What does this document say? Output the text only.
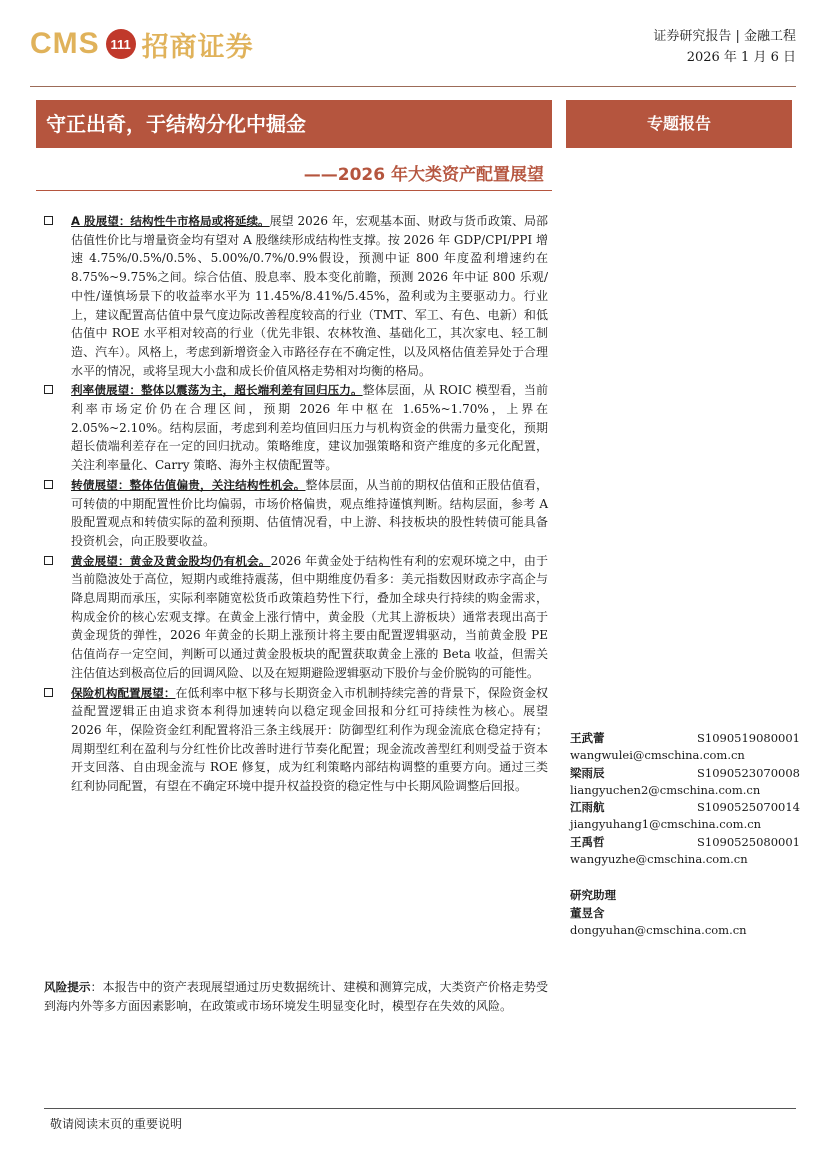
CMS 111 招商证券	证券研究报告 | 金融工程
2026 年 1 月 6 日
守正出奇，于结构分化中掘金
——2026 年大类资产配置展望
专题报告
A 股展望：结构性牛市格局或将延续。展望 2026 年，宏观基本面、财政与货币政策、局部估值性价比与增量资金均有望对 A 股继续形成结构性支撑。按 2026 年 GDP/CPI/PPI 增速 4.75%/0.5%/0.5%、5.00%/0.7%/0.9%假设，预测中证 800 年度盈利增速约在 8.75%~9.75%之间。综合估值、股息率、股本变化前瞻，预测 2026 年中证 800 乐观/中性/谨慎场景下的收益率水平为 11.45%/8.41%/5.45%，盈利或为主要驱动力。行业上，建议配置高估值中景气度边际改善程度较高的行业（TMT、军工、有色、电新）和低估值中 ROE 水平相对较高的行业（优先非银、农林牧渔、基础化工，其次家电、轻工制造、汽车）。风格上，考虑到新增资金入市路径存在不确定性，以及风格估值差异处于合理水平的情况，或将呈现大小盘和成长价值风格走势相对均衡的格局。
利率债展望：整体以震荡为主，超长端利差有回归压力。整体层面，从 ROIC 模型看，当前利率市场定价仍在合理区间，预期 2026 年中枢在 1.65%~1.70%，上界在 2.05%~2.10%。结构层面，考虑到利差均值回归压力与机构资金的供需力量变化，预期超长债端利差存在一定的回归扰动。策略维度，建议加强策略和资产维度的多元化配置，关注利率量化、Carry 策略、海外主权债配置等。
转债展望：整体估值偏贵，关注结构性机会。整体层面，从当前的期权估值和正股估值看，可转债的中期配置性价比均偏弱，市场价格偏贵，观点维持谨慎判断。结构层面，参考 A 股配置观点和转债实际的盈利预期、估值情况看，中上游、科技板块的股性转债可能具备投资机会，向正股要收益。
黄金展望：黄金及黄金股均仍有机会。2026 年黄金处于结构性有利的宏观环境之中，由于当前隐波处于高位，短期内或维持震荡，但中期维度仍看多：美元指数因财政赤字高企与降息周期而承压，实际利率随宽松货币政策趋势性下行，叠加全球央行持续的购金需求，构成金价的核心宏观支撑。在黄金上涨行情中，黄金股（尤其上游板块）通常表现出高于黄金现货的弹性，2026 年黄金的长期上涨预计将主要由配置逻辑驱动，当前黄金股 PE 估值尚存一定空间，判断可以通过黄金股板块的配置获取黄金上涨的 Beta 收益，但需关注估值达到极高位后的回调风险、以及在短期避险逻辑驱动下股价与金价脱钩的可能性。
保险机构配置展望：在低利率中枢下移与长期资金入市机制持续完善的背景下，保险资金权益配置逻辑正由追求资本利得加速转向以稳定现金回报和分红可持续性为核心。展望 2026 年，保险资金红利配置将沿三条主线展开：防御型红利作为现金流底仓稳定持有；周期型红利在盈利与分红性价比改善时进行节奏化配置；现金流改善型红利则受益于资本开支回落、自由现金流与 ROE 修复，成为红利策略内部结构调整的重要方向。通过三类红利协同配置，有望在不确定环境中提升权益投资的稳定性与中长期风险调整后回报。
风险提示：本报告中的资产表现展望通过历史数据统计、建模和测算完成，大类资产价格走势受到海内外等多方面因素影响，在政策或市场环境发生明显变化时，模型存在失效的风险。
王武蕾	S1090519080001
wangwulei@cmschina.com.cn
梁雨辰	S1090523070008
liangyuchen2@cmschina.com.cn
江雨航	S1090525070014
jiangyuhang1@cmschina.com.cn
王禹哲	S1090525080001
wangyuzhe@cmschina.com.cn
研究助理
董昱含
dongyuhan@cmschina.com.cn
敬请阅读末页的重要说明
